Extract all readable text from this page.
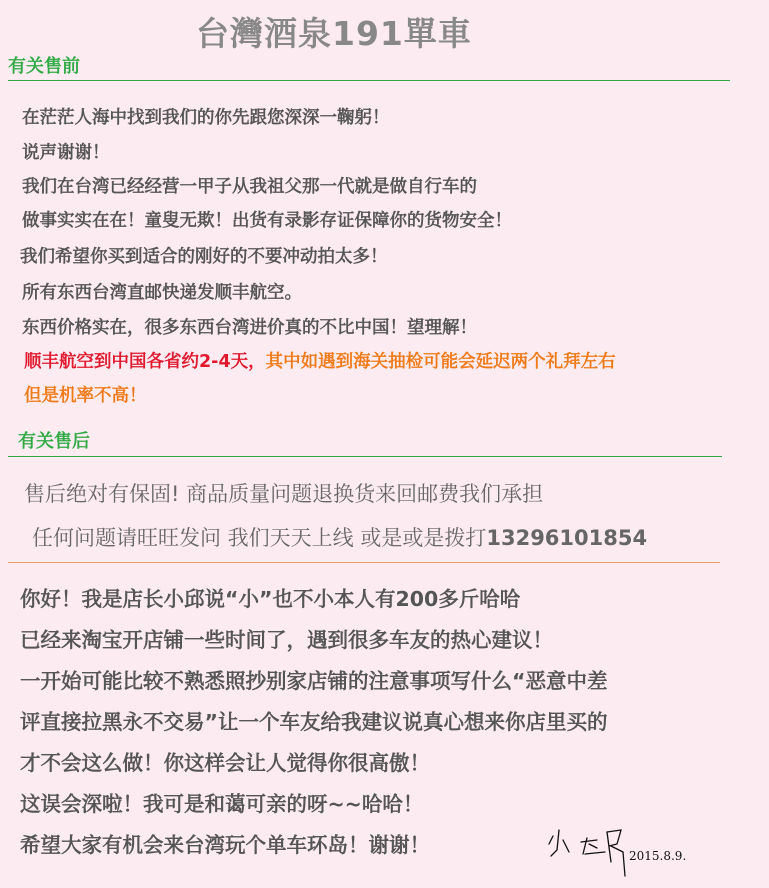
台灣酒泉191單車
有关售前
在茫茫人海中找到我们的你先跟您深深一鞠躬！
说声谢谢！
我们在台湾已经经营一甲子从我祖父那一代就是做自行车的
做事实实在在！童叟无欺！出货有录影存证保障你的货物安全！
我们希望你买到适合的刚好的不要冲动拍太多！
所有东西台湾直邮快递发顺丰航空。
东西价格实在，很多东西台湾进价真的不比中国！望理解！
顺丰航空到中国各省约2-4天，其中如遇到海关抽检可能会延迟两个礼拜左右
但是机率不高！
有关售后
售后绝对有保固! 商品质量问题退换货来回邮费我们承担
任何问题请旺旺发问 我们天天上线 或是或是拨打13296101854
你好！我是店长小邱说“小”也不小本人有200多斤哈哈
已经来淘宝开店铺一些时间了，遇到很多车友的热心建议！
一开始可能比较不熟悉照抄别家店铺的注意事项写什么“恶意中差
评直接拉黑永不交易”让一个车友给我建议说真心想来你店里买的
才不会这么做！你这样会让人觉得你很高傲！
这误会深啦！我可是和蔼可亲的呀~~哈哈！
希望大家有机会来台湾玩个单车环岛！谢谢！	2015.8.9.
